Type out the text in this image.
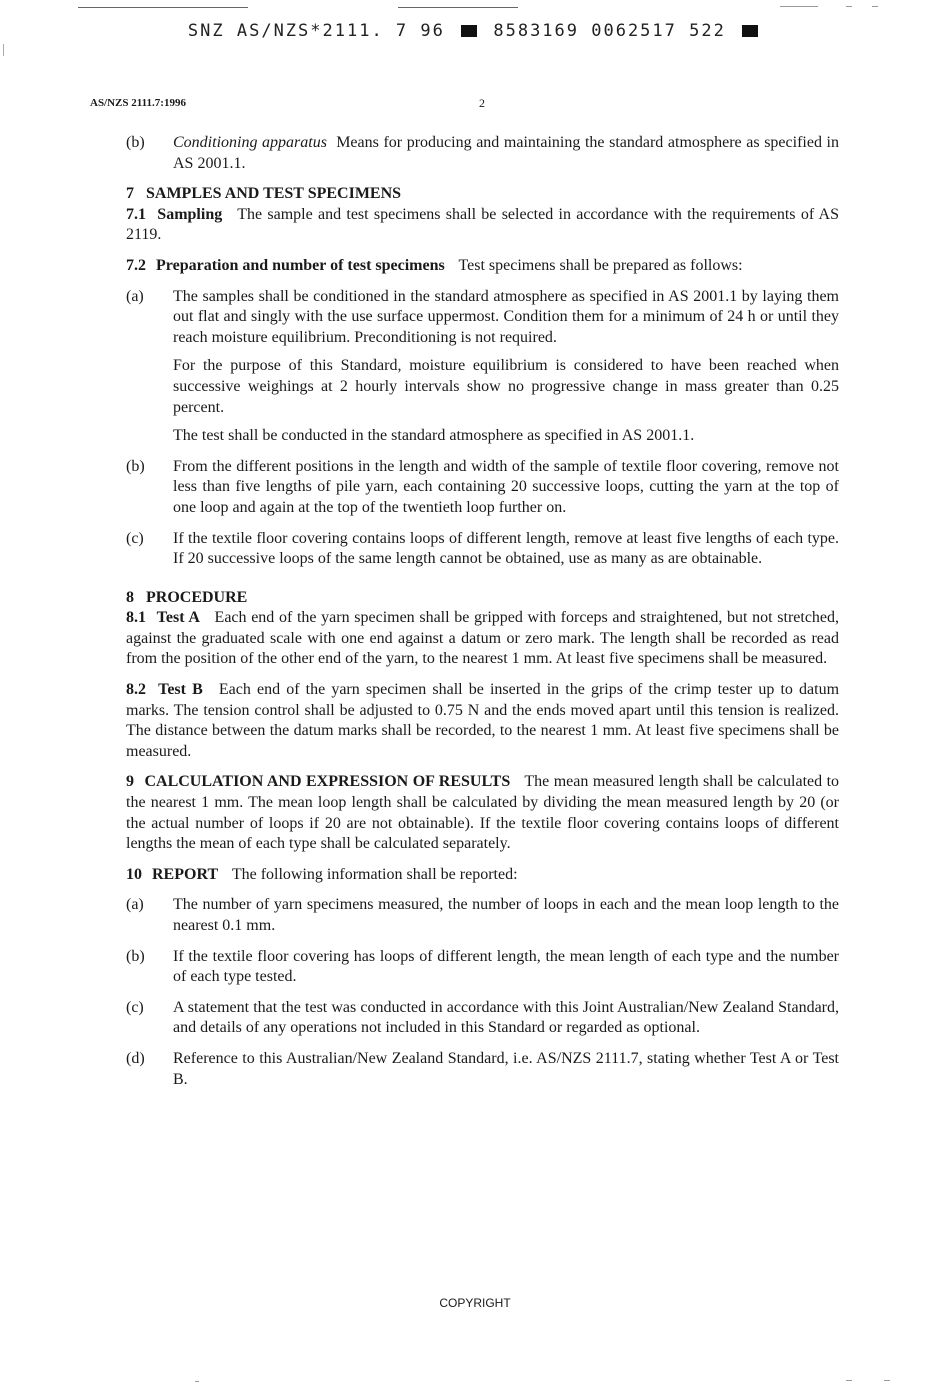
SNZ AS/NZS*2111. 7 96	8583169 0062517 522
AS/NZS 2111.7:1996	2
(b)	Conditioning apparatus Means for producing and maintaining the standard atmosphere as specified in AS 2001.1.

7 SAMPLES AND TEST SPECIMENS

7.1 Sampling The sample and test specimens shall be selected in accordance with the requirements of AS 2119.

7.2 Preparation and number of test specimens Test specimens shall be prepared as follows:

(a)	The samples shall be conditioned in the standard atmosphere as specified in AS 2001.1 by laying them out flat and singly with the use surface uppermost. Condition them for a minimum of 24 h or until they reach moisture equilibrium. Preconditioning is not required.

For the purpose of this Standard, moisture equilibrium is considered to have been reached when successive weighings at 2 hourly intervals show no progressive change in mass greater than 0.25 percent.

The test shall be conducted in the standard atmosphere as specified in AS 2001.1.

(b)	From the different positions in the length and width of the sample of textile floor covering, remove not less than five lengths of pile yarn, each containing 20 successive loops, cutting the yarn at the top of one loop and again at the top of the twentieth loop further on.
(c)	If the textile floor covering contains loops of different length, remove at least five lengths of each type. If 20 successive loops of the same length cannot be obtained, use as many as are obtainable.

8 PROCEDURE

8.1 Test A Each end of the yarn specimen shall be gripped with forceps and straightened, but not stretched, against the graduated scale with one end against a datum or zero mark. The length shall be recorded as read from the position of the other end of the yarn, to the nearest 1 mm. At least five specimens shall be measured.

8.2 Test B Each end of the yarn specimen shall be inserted in the grips of the crimp tester up to datum marks. The tension control shall be adjusted to 0.75 N and the ends moved apart until this tension is realized. The distance between the datum marks shall be recorded, to the nearest 1 mm. At least five specimens shall be measured.

9 CALCULATION AND EXPRESSION OF RESULTS The mean measured length shall be calculated to the nearest 1 mm. The mean loop length shall be calculated by dividing the mean measured length by 20 (or the actual number of loops if 20 are not obtainable). If the textile floor covering contains loops of different lengths the mean of each type shall be calculated separately.

10 REPORT The following information shall be reported:

(a)	The number of yarn specimens measured, the number of loops in each and the mean loop length to the nearest 0.1 mm.
(b)	If the textile floor covering has loops of different length, the mean length of each type and the number of each type tested.
(c)	A statement that the test was conducted in accordance with this Joint Australian/New Zealand Standard, and details of any operations not included in this Standard or regarded as optional.
(d)	Reference to this Australian/New Zealand Standard, i.e. AS/NZS 2111.7, stating whether Test A or Test B.
COPYRIGHT
